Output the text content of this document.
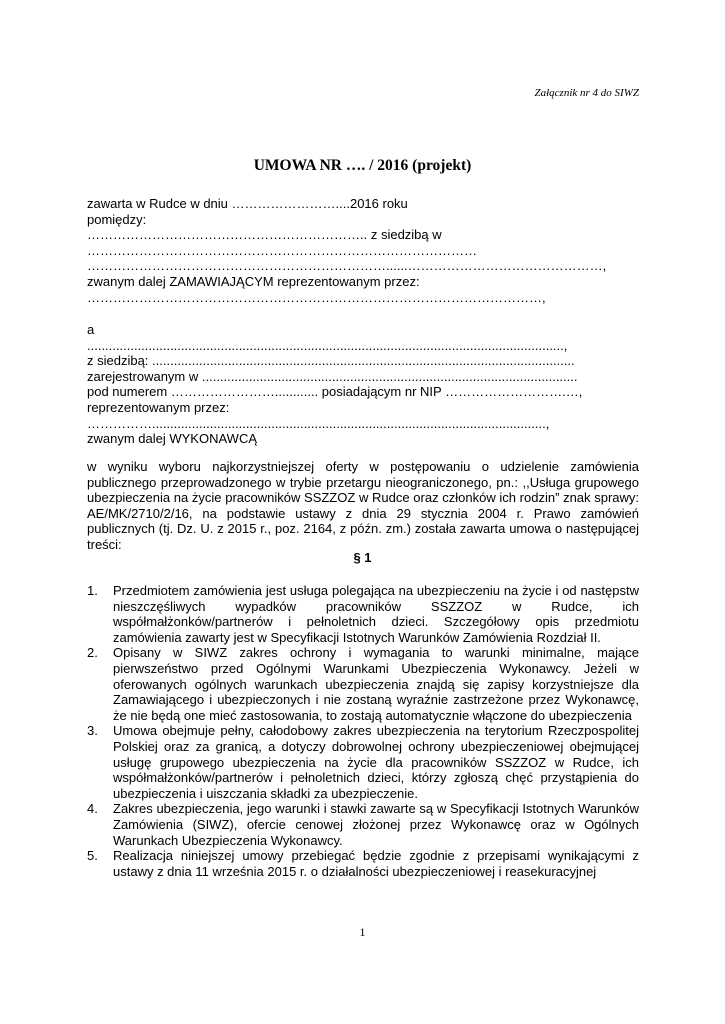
Załącznik nr 4 do SIWZ
UMOWA NR …. / 2016 (projekt)
zawarta w Rudce w dniu ……………………....2016 roku
pomiędzy:
……………………………………………………….. z siedzibą w
………………………………………………………………………………
……………………………………………………………......………………………………………,
zwanym dalej ZAMAWIAJĄCYM reprezentowanym przez:
……………………………………………………………………………………………,
a
....................................................................................................................................,
z siedzibą: .....................................................................................................................
zarejestrowanym w ........................................................................................................
pod numerem ……………………............ posiadającym nr NIP ……………………….…,
reprezentowanym przez:
…………….............................................................................................................,
zwanym dalej WYKONAWCĄ
w wyniku wyboru najkorzystniejszej oferty w postępowaniu o udzielenie zamówienia publicznego przeprowadzonego w trybie przetargu nieograniczonego, pn.: ,,Usługa grupowego ubezpieczenia na życie pracowników SSZZOZ w Rudce oraz członków ich rodzin” znak sprawy: AE/MK/2710/2/16, na podstawie ustawy z dnia 29 stycznia 2004 r. Prawo zamówień publicznych (tj. Dz. U. z 2015 r., poz. 2164, z późn. zm.) została zawarta umowa o następującej treści:
§ 1
1. Przedmiotem zamówienia jest usługa polegająca na ubezpieczeniu na życie i od następstw nieszczęśliwych wypadków pracowników SSZZOZ w Rudce, ich współmałżonków/partnerów i pełnoletnich dzieci. Szczegółowy opis przedmiotu zamówienia zawarty jest w Specyfikacji Istotnych Warunków Zamówienia Rozdział II.
2. Opisany w SIWZ zakres ochrony i wymagania to warunki minimalne, mające pierwszeństwo przed Ogólnymi Warunkami Ubezpieczenia Wykonawcy. Jeżeli w oferowanych ogólnych warunkach ubezpieczenia znajdą się zapisy korzystniejsze dla Zamawiającego i ubezpieczonych i nie zostaną wyraźnie zastrzeżone przez Wykonawcę, że nie będą one mieć zastosowania, to zostają automatycznie włączone do ubezpieczenia
3. Umowa obejmuje pełny, całodobowy zakres ubezpieczenia na terytorium Rzeczpospolitej Polskiej oraz za granicą, a dotyczy dobrowolnej ochrony ubezpieczeniowej obejmującej usługę grupowego ubezpieczenia na życie dla pracowników SSZZOZ w Rudce, ich współmałżonków/partnerów i pełnoletnich dzieci, którzy zgłoszą chęć przystąpienia do ubezpieczenia i uiszczania składki za ubezpieczenie.
4. Zakres ubezpieczenia, jego warunki i stawki zawarte są w Specyfikacji Istotnych Warunków Zamówienia (SIWZ), ofercie cenowej złożonej przez Wykonawcę oraz w Ogólnych Warunkach Ubezpieczenia Wykonawcy.
5. Realizacja niniejszej umowy przebiegać będzie zgodnie z przepisami wynikającymi z ustawy z dnia 11 września 2015 r. o działalności ubezpieczeniowej i reasekuracyjnej
1
